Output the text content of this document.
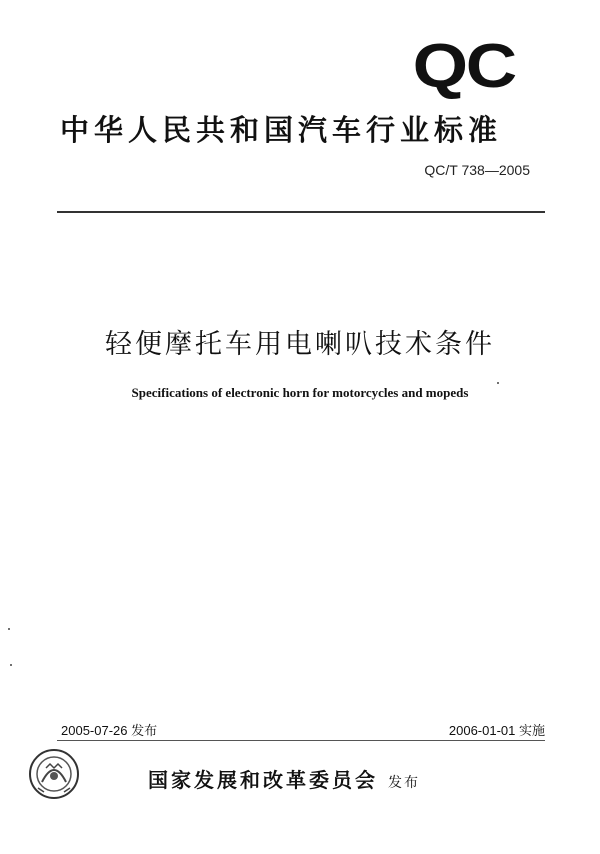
QC
中华人民共和国汽车行业标准
QC/T 738—2005
轻便摩托车用电喇叭技术条件
Specifications of electronic horn for motorcycles and mopeds
2005-07-26 发布	2006-01-01 实施
国家发展和改革委员会 发布
